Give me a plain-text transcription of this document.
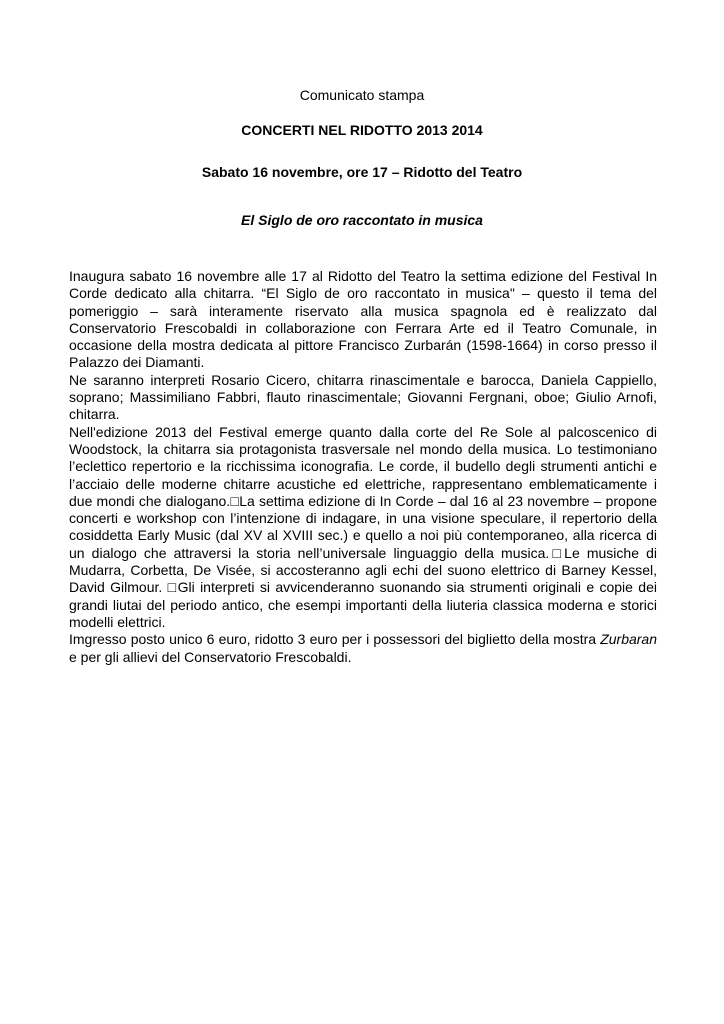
Comunicato stampa
CONCERTI NEL RIDOTTO 2013 2014
Sabato 16 novembre, ore 17 – Ridotto del Teatro
El Siglo de oro raccontato in musica

Inaugura sabato 16 novembre alle 17 al Ridotto del Teatro la settima edizione del Festival In Corde dedicato alla chitarra. “El Siglo de oro raccontato in musica" – questo il tema del pomeriggio – sarà interamente riservato alla musica spagnola ed è realizzato dal Conservatorio Frescobaldi in collaborazione con Ferrara Arte ed il Teatro Comunale, in occasione della mostra dedicata al pittore Francisco Zurbarán (1598-1664) in corso presso il Palazzo dei Diamanti.

Ne saranno interpreti Rosario Cicero, chitarra rinascimentale e barocca, Daniela Cappiello, soprano; Massimiliano Fabbri, flauto rinascimentale; Giovanni Fergnani, oboe; Giulio Arnofi, chitarra.

Nell'edizione 2013 del Festival emerge quanto dalla corte del Re Sole al palcoscenico di Woodstock, la chitarra sia protagonista trasversale nel mondo della musica. Lo testimoniano l’eclettico repertorio e la ricchissima iconografia. Le corde, il budello degli strumenti antichi e l’acciaio delle moderne chitarre acustiche ed elettriche, rappresentano emblematicamente i due mondi che dialogano.□La settima edizione di In Corde – dal 16 al 23 novembre – propone concerti e workshop con l’intenzione di indagare, in una visione speculare, il repertorio della cosiddetta Early Music (dal XV al XVIII sec.) e quello a noi più contemporaneo, alla ricerca di un dialogo che attraversi la storia nell’universale linguaggio della musica.□Le musiche di Mudarra, Corbetta, De Visée, si accosteranno agli echi del suono elettrico di Barney Kessel, David Gilmour. □Gli interpreti si avvicenderanno suonando sia strumenti originali e copie dei grandi liutai del periodo antico, che esempi importanti della liuteria classica moderna e storici modelli elettrici.

Imgresso posto unico 6 euro, ridotto 3 euro per i possessori del biglietto della mostra Zurbaran e per gli allievi del Conservatorio Frescobaldi.
